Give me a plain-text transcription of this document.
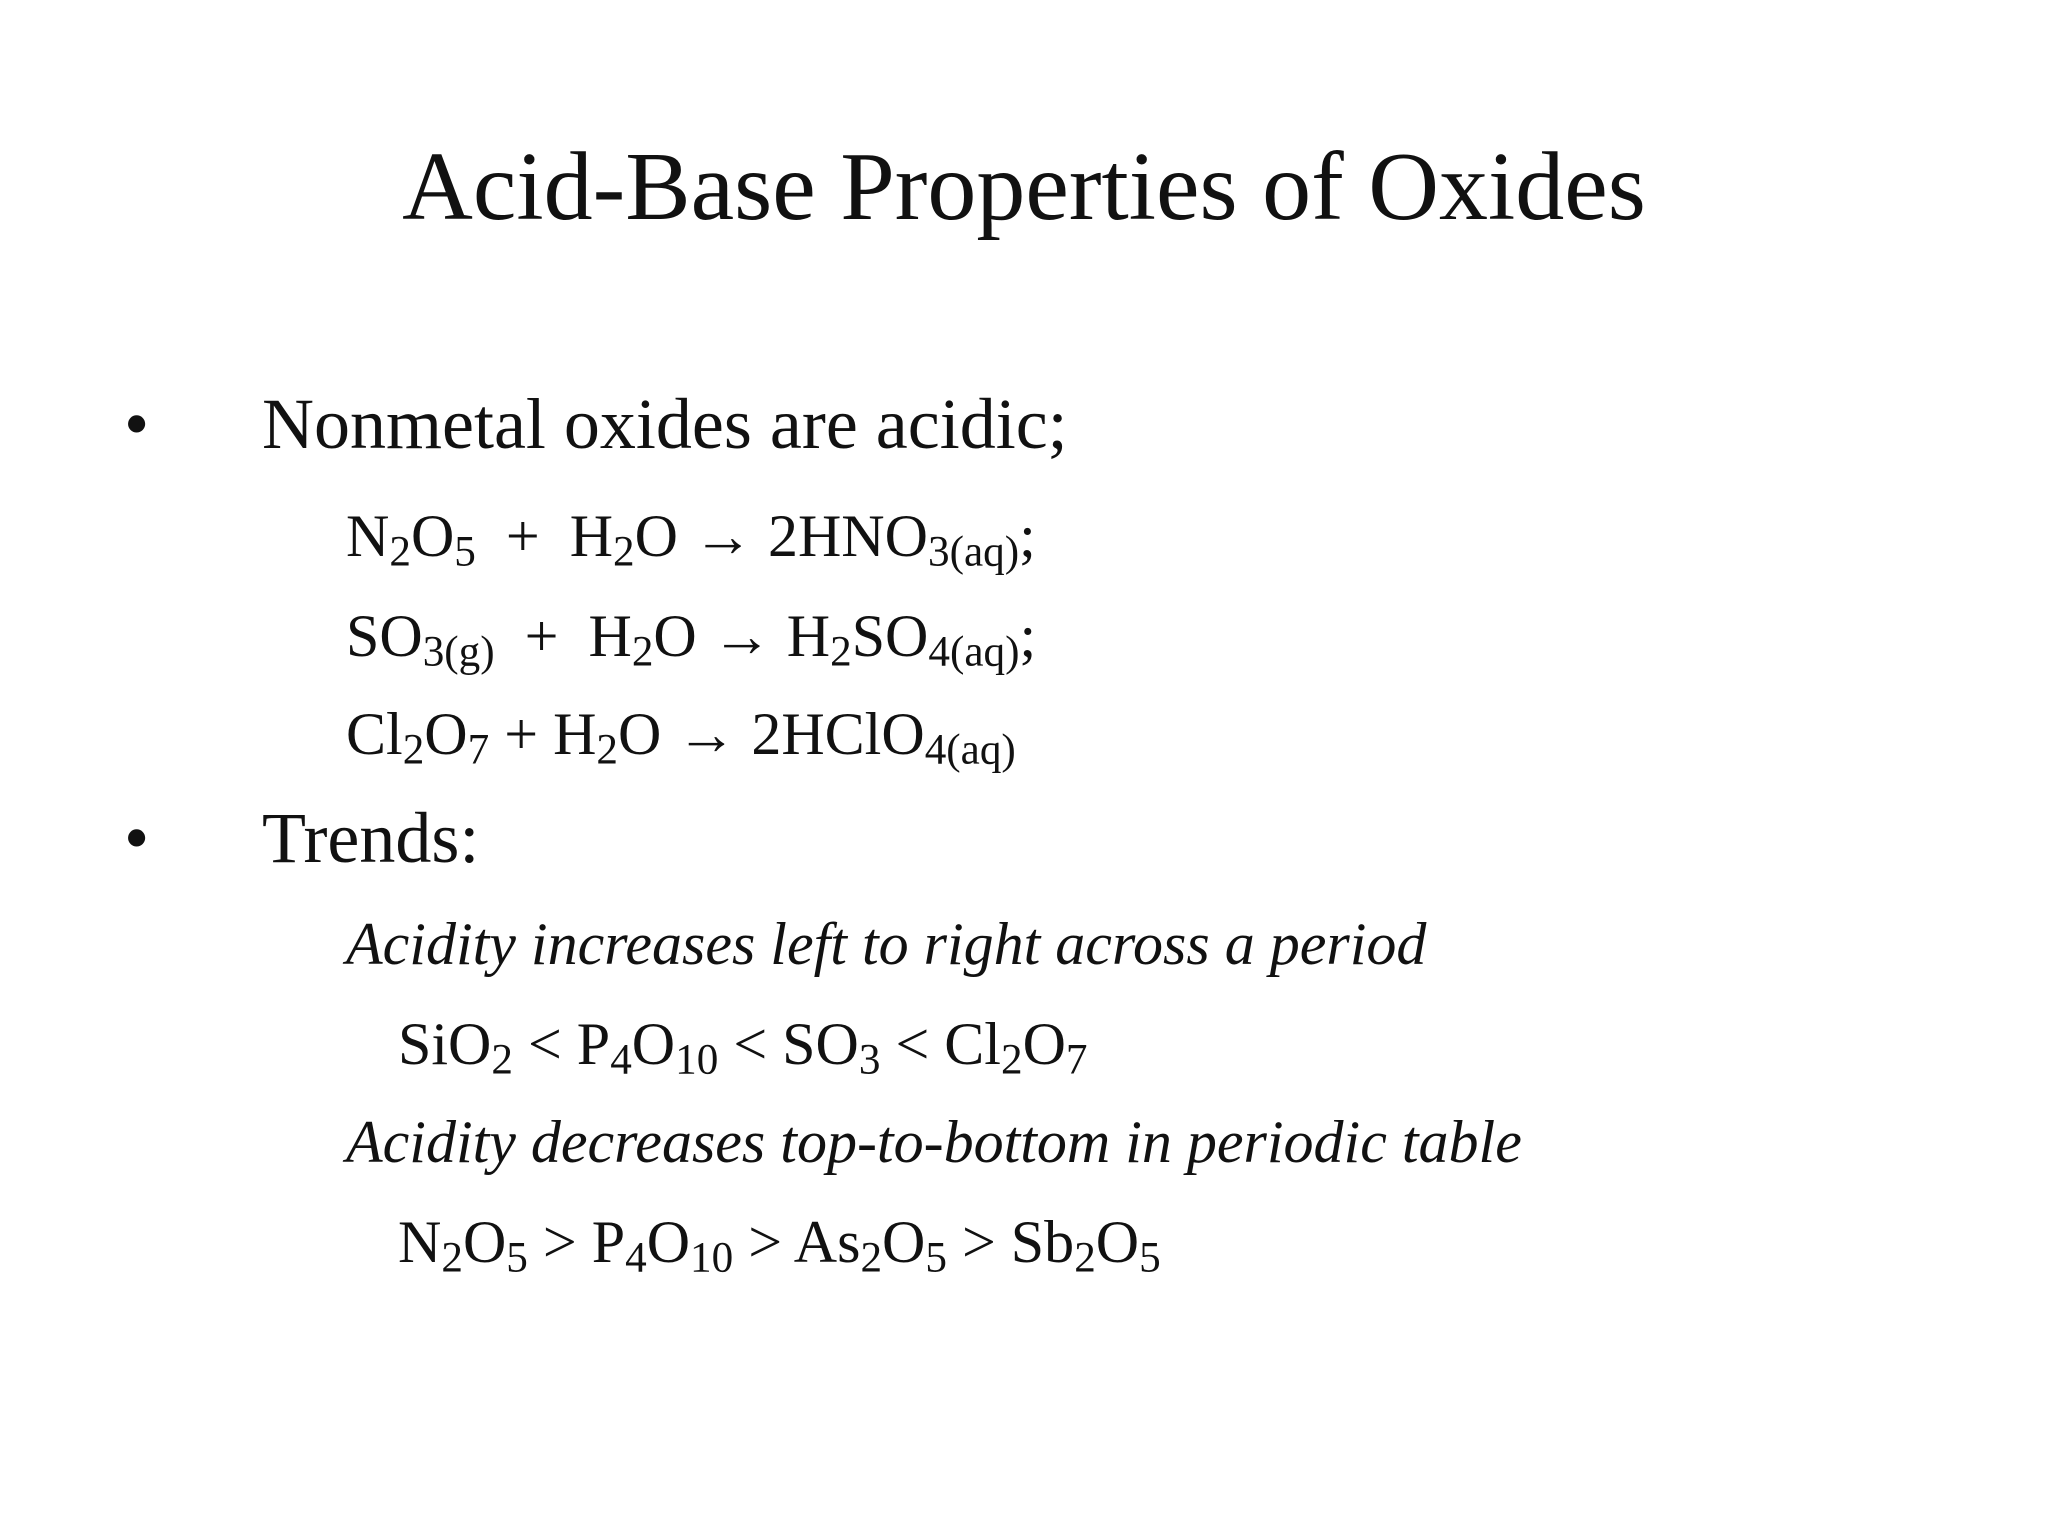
Acid-Base Properties of Oxides
• Nonmetal oxides are acidic;
N2O5  +  H2O → 2HNO3(aq);
SO3(g)  +  H2O → H2SO4(aq);
Cl2O7 + H2O → 2HClO4(aq)
• Trends:
Acidity increases left to right across a period
SiO2 < P4O10 < SO3 < Cl2O7
Acidity decreases top-to-bottom in periodic table
N2O5 > P4O10 > As2O5 > Sb2O5
